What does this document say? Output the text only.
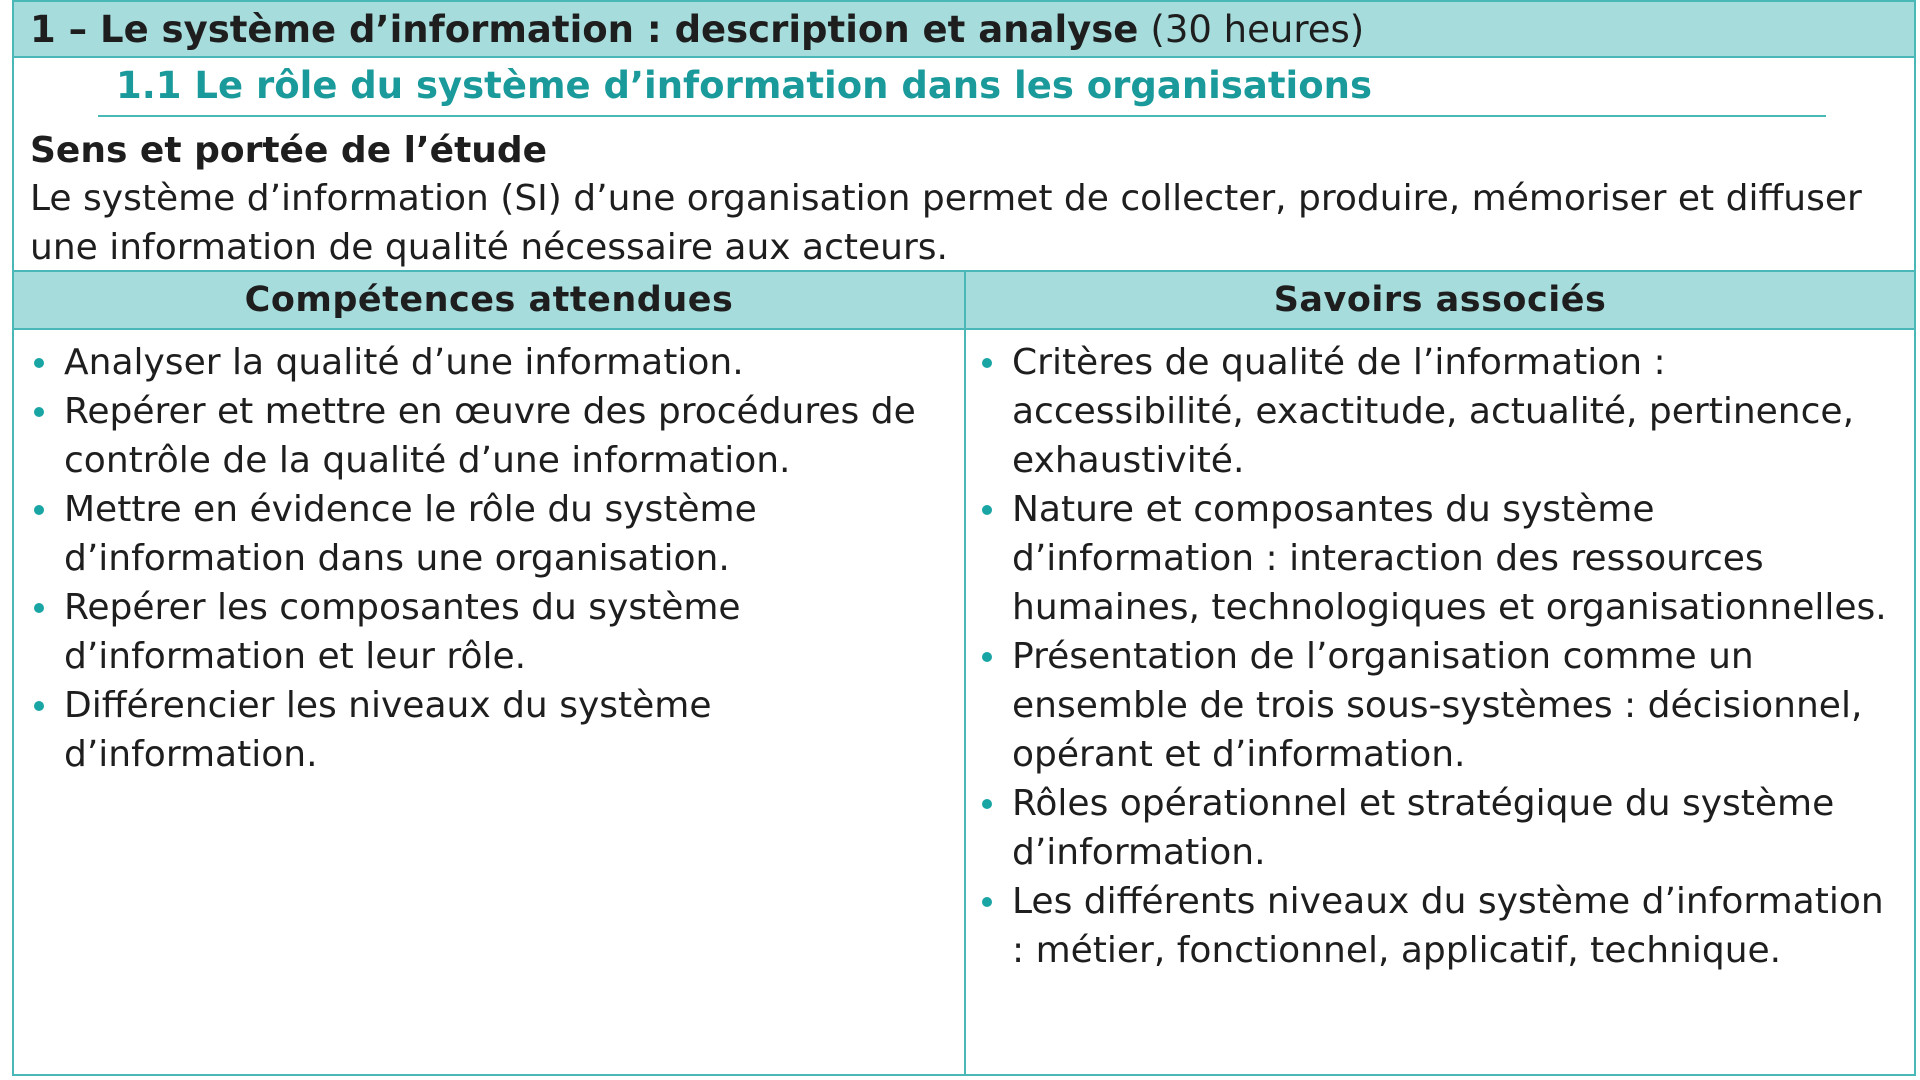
1 – Le système d’information : description et analyse (30 heures)
1.1 Le rôle du système d’information dans les organisations
Sens et portée de l’étude
Le système d’information (SI) d’une organisation permet de collecter, produire, mémoriser et diffuser une information de qualité nécessaire aux acteurs.
Compétences attendues
Analyser la qualité d’une information.
Repérer et mettre en œuvre des procédures de contrôle de la qualité d’une information.
Mettre en évidence le rôle du système d’information dans une organisation.
Repérer les composantes du système d’information et leur rôle.
Différencier les niveaux du système d’information.
Savoirs associés
Critères de qualité de l’information : accessibilité, exactitude, actualité, pertinence, exhaustivité.
Nature et composantes du système d’information : interaction des ressources humaines, technologiques et organisationnelles.
Présentation de l’organisation comme un ensemble de trois sous-systèmes : décisionnel, opérant et d’information.
Rôles opérationnel et stratégique du système d’information.
Les différents niveaux du système d’information : métier, fonctionnel, applicatif, technique.
